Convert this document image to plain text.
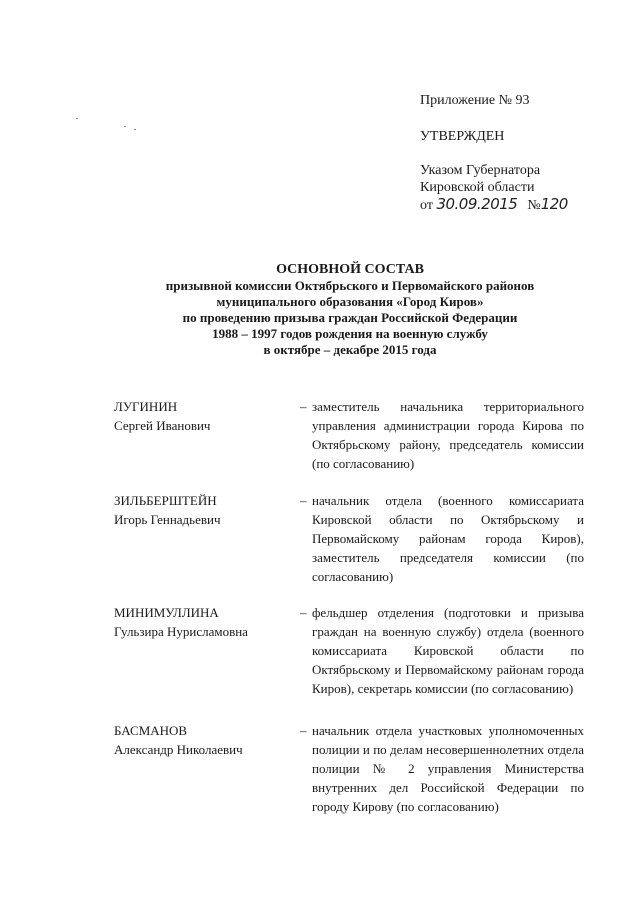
Приложение № 93
УТВЕРЖДЕН
Указом Губернатора
Кировской области
от 30.09.2015 №120
ОСНОВНОЙ СОСТАВ
призывной комиссии Октябрьского и Первомайского районов
муниципального образования «Город Киров»
по проведению призыва граждан Российской Федерации
1988 – 1997 годов рождения на военную службу
в октябре – декабре 2015 года
ЛУГИНИН
Сергей Иванович
– заместитель начальника территориального управления администрации города Кирова по Октябрьскому району, председатель комиссии (по согласованию)
ЗИЛЬБЕРШТЕЙН
Игорь Геннадьевич
– начальник отдела (военного комиссариата Кировской области по Октябрьскому и Первомайскому районам города Киров), заместитель председателя комиссии (по согласованию)
МИНИМУЛЛИНА
Гульзира Нурисламовна
– фельдшер отделения (подготовки и призыва граждан на военную службу) отдела (военного комиссариата Кировской области по Октябрьскому и Первомайскому районам города Киров), секретарь комиссии (по согласованию)
БАСМАНОВ
Александр Николаевич
– начальник отдела участковых уполномоченных полиции и по делам несовершеннолетних отдела полиции № 2 управления Министерства внутренних дел Российской Федерации по городу Кирову (по согласованию)
